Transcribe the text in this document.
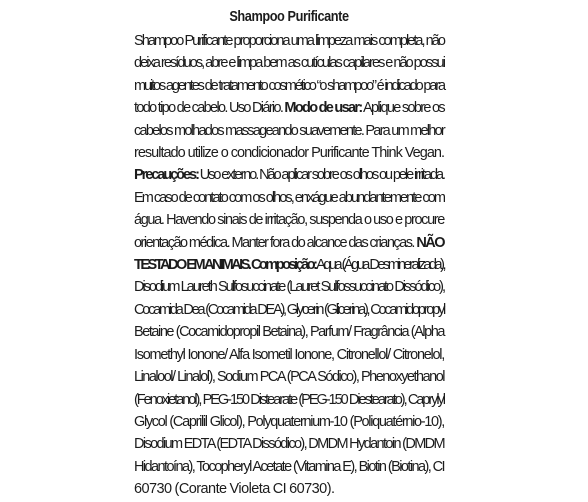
Shampoo Purificante

Shampoo Purificante proporciona uma limpeza mais completa, não
deixa resíduos, abre e limpa bem as cutículas capilares e não possui
muitos agentes de tratamento cosmético “o shampoo” é indicado para
todo tipo de cabelo. Uso Diário. Modo de usar: Aplique sobre os
cabelos molhados massageando suavemente. Para um melhor
resultado utilize o condicionador Purificante Think Vegan.
Precauções: Uso externo. Não aplicar sobre os olhos ou pele irritada.
Em caso de contato com os olhos, enxágue abundantemente com
água. Havendo sinais de irritação, suspenda o uso e procure
orientação médica. Manter fora do alcance das crianças. NÃO
TESTADO EM ANIMAIS. Composição: Aqua (Água Desmineralizada),
Disodium Laureth Sulfosuccinate (Lauret Sulfossuccinato Dissódico),
Cocamida Dea (Cocamida DEA), Glycerin (Glicerina), Cocamidopropyl
Betaine (Cocamidopropil Betaina), Parfum/ Fragrância (Alpha
Isomethyl Ionone/ Alfa Isometil Ionone, Citronellol/ Citronelol,
Linalool/ Linalol), Sodium PCA (PCA Sódico), Phenoxyethanol
(Fenoxietanol), PEG-150 Distearate (PEG-150 Diestearato), Caprylyl
Glycol (Caprilil Glicol), Polyquaternium-10 (Poliquatérnio-10),
Disodium EDTA (EDTA Dissódico), DMDM Hydantoin (DMDM
Hidantoína), Tocopheryl Acetate (Vitamina E), Biotin (Biotina), CI
60730 (Corante Violeta CI 60730).
